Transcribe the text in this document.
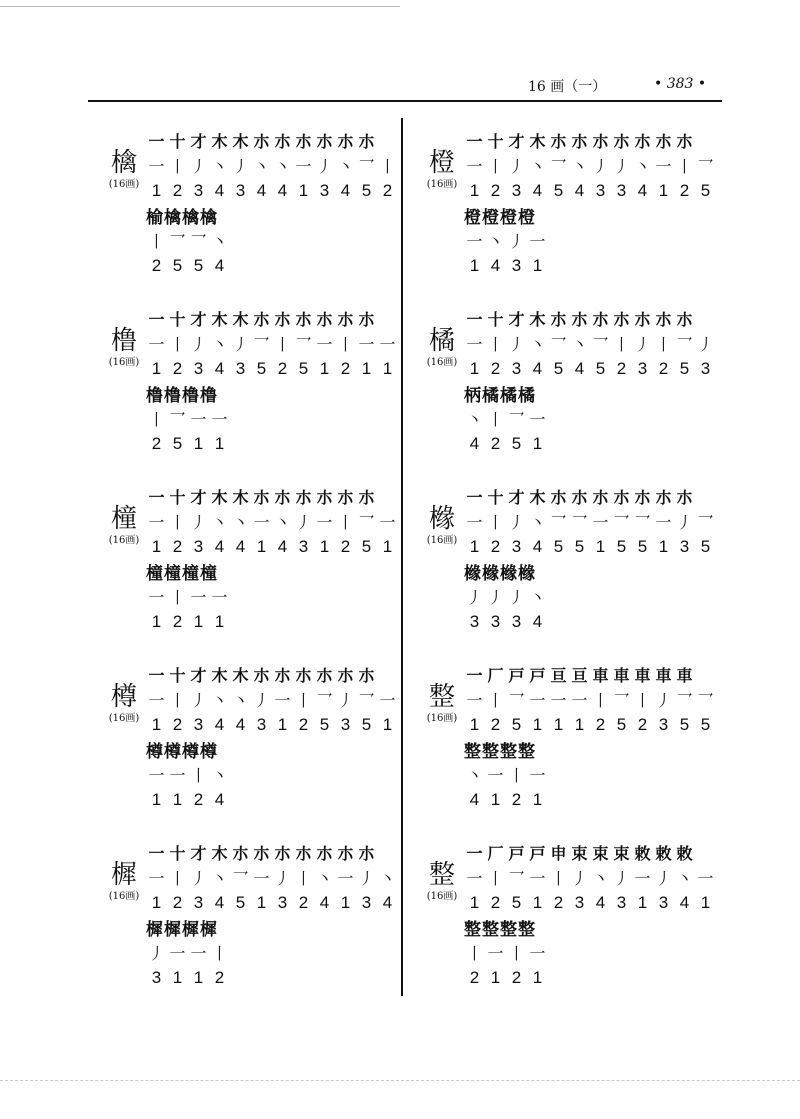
16 画（一）	• 383 •
檎
(16画)
一 十 才 木 木 朩 朩 朩 朩 朩 朩
一 丨 丿 丶 丿 丶 丶 一 丿 丶 乛 丨
1 2 3 4 3 4 4 1 3 4 5 2
榆檎檎檎
丨 乛 乛 丶
2 5 5 4
橹
(16画)
一 十 才 木 木 朩 朩 朩 朩 朩 朩
一 丨 丿 丶 丿 乛 丨 乛 一 丨 一 一
1 2 3 4 3 5 2 5 1 2 1 1
橹橹橹橹
丨 乛 一 一
2 5 1 1
橦
(16画)
一 十 才 木 木 朩 朩 朩 朩 朩 朩
一 丨 丿 丶 丶 一 丶 丿 一 丨 乛 一
1 2 3 4 4 1 4 3 1 2 5 1
橦橦橦橦
一 丨 一 一
1 2 1 1
樽
(16画)
一 十 才 木 木 朩 朩 朩 朩 朩 朩
一 丨 丿 丶 丶 丿 一 丨 乛 丿 乛 一
1 2 3 4 4 3 1 2 5 3 5 1
樽樽樽樽
一 一 丨 丶
1 1 2 4
樨
(16画)
一 十 才 木 朩 朩 朩 朩 朩 朩 朩
一 丨 丿 丶 乛 一 丿 丨 丶 一 丿 丶
1 2 3 4 5 1 3 2 4 1 3 4
樨樨樨樨
丿 一 一 丨
3 1 1 2
橙
(16画)
一 十 才 木 朩 朩 朩 朩 朩 朩 朩
一 丨 丿 丶 乛 丶 丿 丿 丶 一 丨 乛
1 2 3 4 5 4 3 3 4 1 2 5
橙橙橙橙
一 丶 丿 一
1 4 3 1
橘
(16画)
一 十 才 木 朩 朩 朩 朩 朩 朩 朩
一 丨 丿 丶 乛 丶 乛 丨 丿 丨 乛 丿
1 2 3 4 5 4 5 2 3 2 5 3
柄橘橘橘
丶 丨 乛 一
4 2 5 1
橼
(16画)
一 十 才 木 朩 朩 朩 朩 朩 朩 朩
一 丨 丿 丶 乛 乛 一 乛 乛 一 丿 乛
1 2 3 4 5 5 1 5 5 1 3 5
橼橼橼橼
丿 丿 丿 丶
3 3 3 4
整
(16画)
一 厂 戸 戸 亘 亘 車 車 車 車 車
一 丨 乛 一 一 一 丨 乛 丨 丿 乛 乛
1 2 5 1 1 1 2 5 2 3 5 5
整整整整
丶 一 丨 一
4 1 2 1
整
(16画)
一 厂 戸 戸 申 束 束 束 敕 敕 敕
一 丨 乛 一 丨 丿 丶 丿 一 丿 丶 一
1 2 5 1 2 3 4 3 1 3 4 1
整整整整
丨 一 丨 一
2 1 2 1
